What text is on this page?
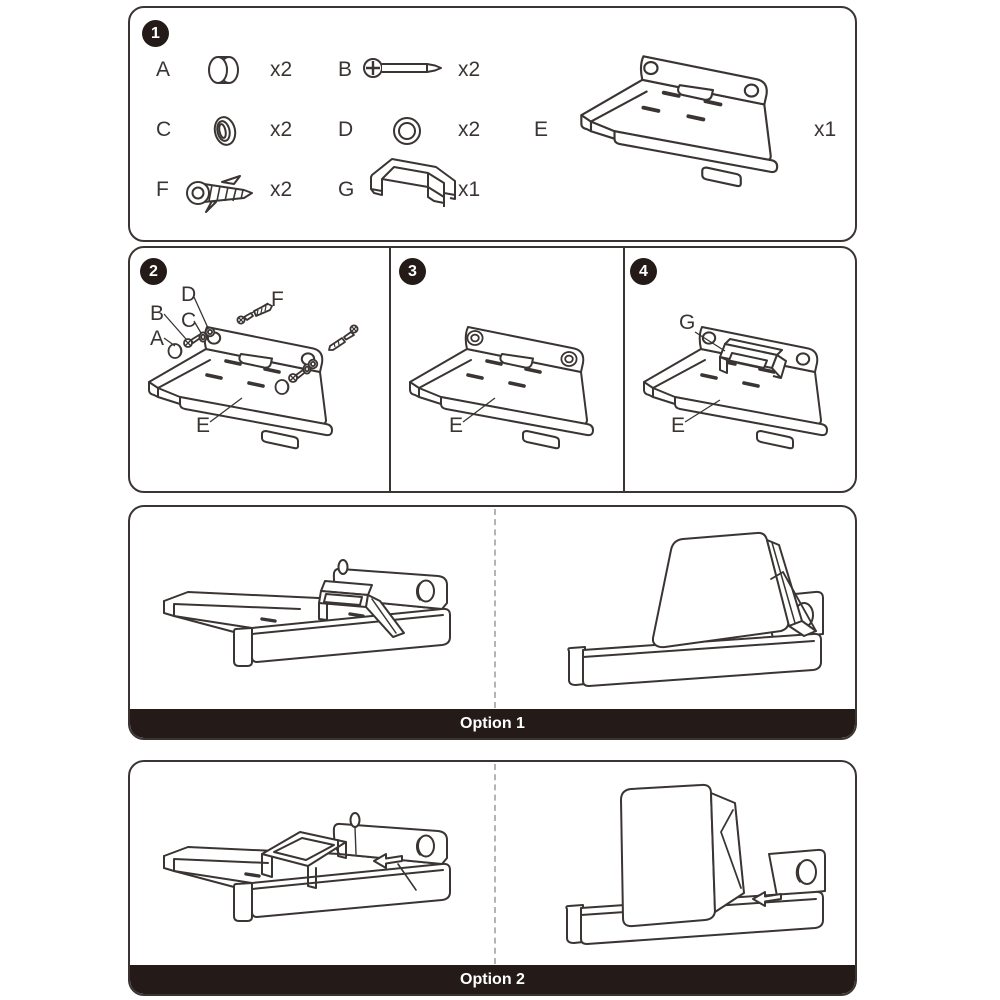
1
A	x2 B	x2
C	x2 D	x2
F	x2 G	x1
E	x1
2	3	4
A
B C
D	F
E	E
G
E
Option 1
Option 2
